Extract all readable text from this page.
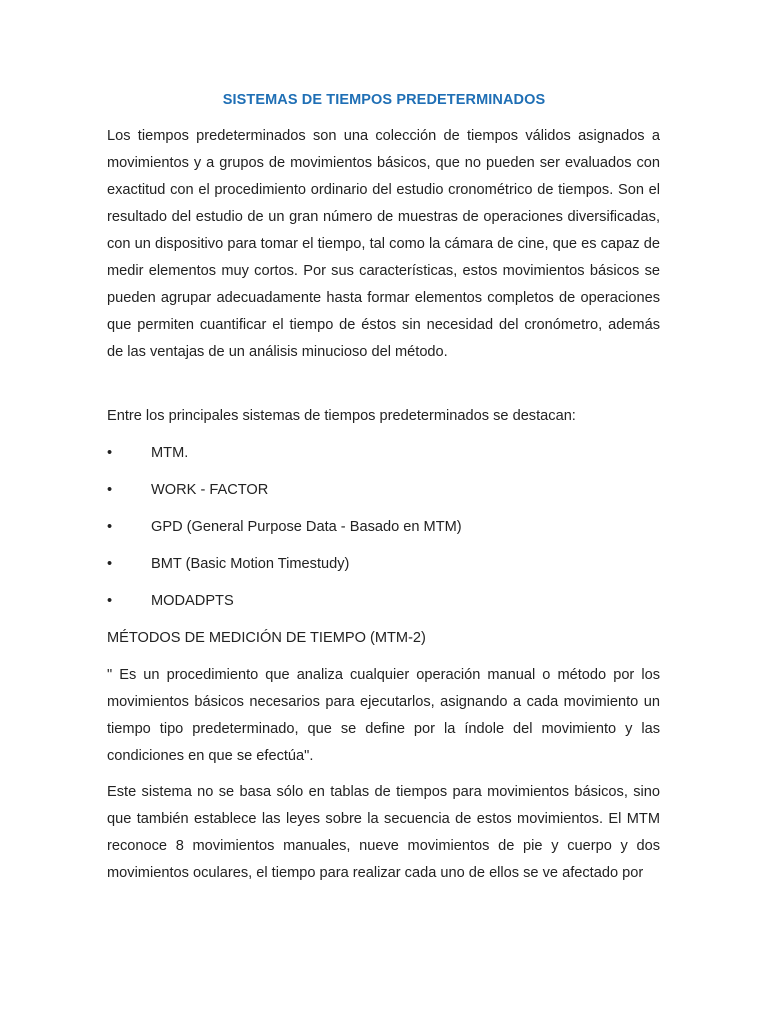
SISTEMAS DE TIEMPOS PREDETERMINADOS

Los tiempos predeterminados son una colección de tiempos válidos asignados a movimientos y a grupos de movimientos básicos, que no pueden ser evaluados con exactitud con el procedimiento ordinario del estudio cronométrico de tiempos. Son el resultado del estudio de un gran número de muestras de operaciones diversificadas, con un dispositivo para tomar el tiempo, tal como la cámara de cine, que es capaz de medir elementos muy cortos. Por sus características, estos movimientos básicos se pueden agrupar adecuadamente hasta formar elementos completos de operaciones que permiten cuantificar el tiempo de éstos sin necesidad del cronómetro, además de las ventajas de un análisis minucioso del método.

Entre los principales sistemas de tiempos predeterminados se destacan:

•	MTM.
•	WORK - FACTOR
•	GPD (General Purpose Data - Basado en MTM)
•	BMT (Basic Motion Timestudy)
•	MODADPTS
MÉTODOS DE MEDICIÓN DE TIEMPO (MTM-2)

" Es un procedimiento que analiza cualquier operación manual o método por los movimientos básicos necesarios para ejecutarlos, asignando a cada movimiento un tiempo tipo predeterminado, que se define por la índole del movimiento y las condiciones en que se efectúa".

Este sistema no se basa sólo en tablas de tiempos para movimientos básicos, sino que también establece las leyes sobre la secuencia de estos movimientos. El MTM reconoce 8 movimientos manuales, nueve movimientos de pie y cuerpo y dos movimientos oculares, el tiempo para realizar cada uno de ellos se ve afectado por
